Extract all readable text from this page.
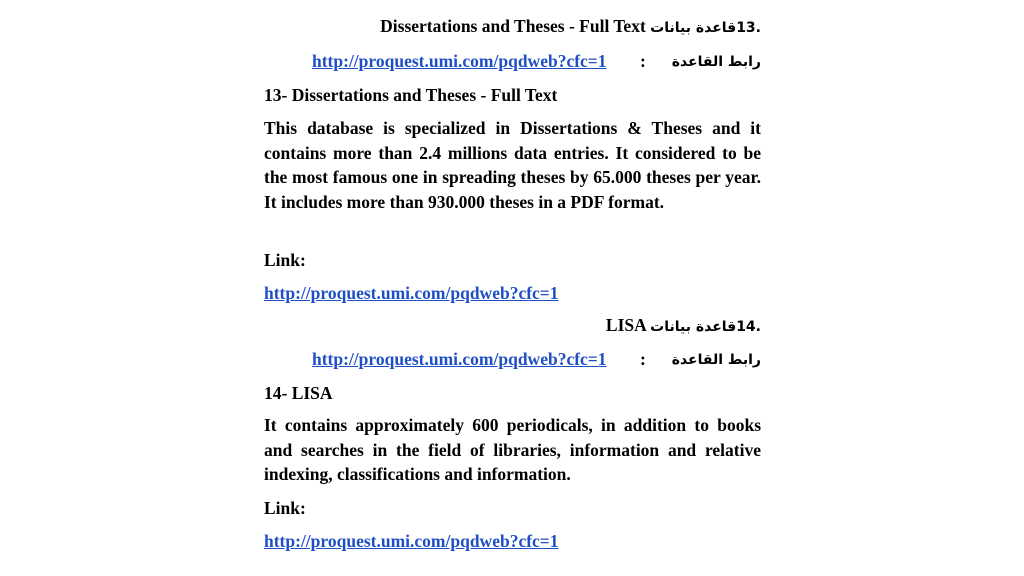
Dissertations and Theses - Full Text قاعدة بيانات13.
http://proquest.umi.com/pqdweb?cfc=1 : رابط القاعدة
13- Dissertations and Theses - Full Text
This database is specialized in Dissertations & Theses and it contains more than 2.4 millions data entries. It considered to be the most famous one in spreading theses by 65.000 theses per year. It includes more than 930.000 theses in a PDF format.
Link:
http://proquest.umi.com/pqdweb?cfc=1
LISA قاعدة بيانات14.
http://proquest.umi.com/pqdweb?cfc=1 : رابط القاعدة
14- LISA
It contains approximately 600 periodicals, in addition to books and searches in the field of libraries, information and relative indexing, classifications and information.
Link:
http://proquest.umi.com/pqdweb?cfc=1
